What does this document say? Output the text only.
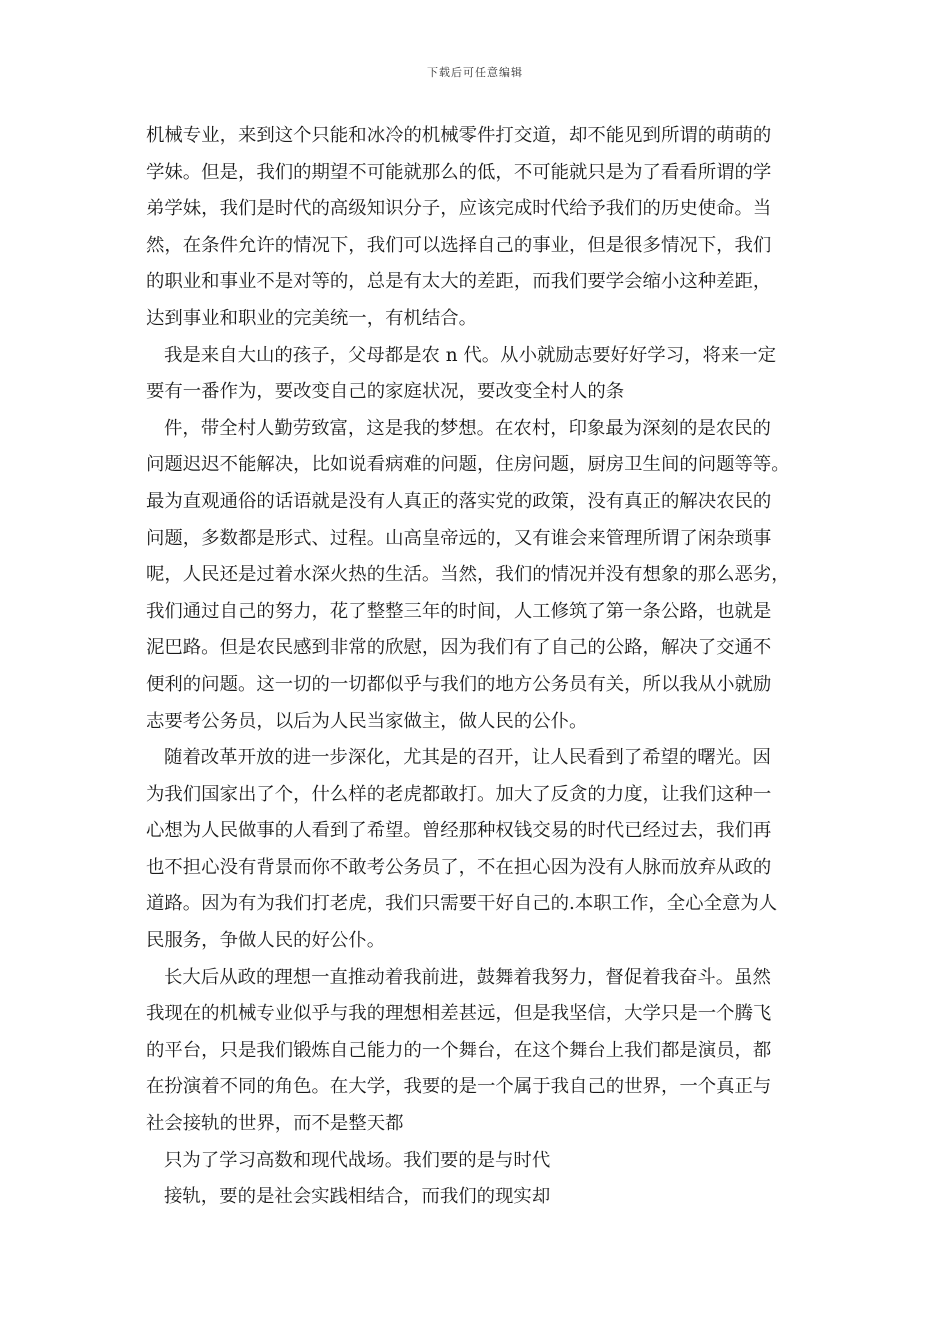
下载后可任意编辑
机械专业，来到这个只能和冰冷的机械零件打交道，却不能见到所谓的萌萌的
学妹。但是，我们的期望不可能就那么的低，不可能就只是为了看看所谓的学
弟学妹，我们是时代的高级知识分子，应该完成时代给予我们的历史使命。当
然，在条件允许的情况下，我们可以选择自己的事业，但是很多情况下，我们
的职业和事业不是对等的，总是有太大的差距，而我们要学会缩小这种差距，
达到事业和职业的完美统一，有机结合。
我是来自大山的孩子，父母都是农 n 代。从小就励志要好好学习，将来一定
要有一番作为，要改变自己的家庭状况，要改变全村人的条
件，带全村人勤劳致富，这是我的梦想。在农村，印象最为深刻的是农民的
问题迟迟不能解决，比如说看病难的问题，住房问题，厨房卫生间的问题等等。
最为直观通俗的话语就是没有人真正的落实党的政策，没有真正的解决农民的
问题，多数都是形式、过程。山高皇帝远的，又有谁会来管理所谓了闲杂琐事
呢，人民还是过着水深火热的生活。当然，我们的情况并没有想象的那么恶劣，
我们通过自己的努力，花了整整三年的时间，人工修筑了第一条公路，也就是
泥巴路。但是农民感到非常的欣慰，因为我们有了自己的公路，解决了交通不
便利的问题。这一切的一切都似乎与我们的地方公务员有关，所以我从小就励
志要考公务员，以后为人民当家做主，做人民的公仆。
随着改革开放的进一步深化，尤其是的召开，让人民看到了希望的曙光。因
为我们国家出了个，什么样的老虎都敢打。加大了反贪的力度，让我们这种一
心想为人民做事的人看到了希望。曾经那种权钱交易的时代已经过去，我们再
也不担心没有背景而你不敢考公务员了，不在担心因为没有人脉而放弃从政的
道路。因为有为我们打老虎，我们只需要干好自己的.本职工作，全心全意为人
民服务，争做人民的好公仆。
长大后从政的理想一直推动着我前进，鼓舞着我努力，督促着我奋斗。虽然
我现在的机械专业似乎与我的理想相差甚远，但是我坚信，大学只是一个腾飞
的平台，只是我们锻炼自己能力的一个舞台，在这个舞台上我们都是演员，都
在扮演着不同的角色。在大学，我要的是一个属于我自己的世界，一个真正与
社会接轨的世界，而不是整天都
只为了学习高数和现代战场。我们要的是与时代
接轨，要的是社会实践相结合，而我们的现实却
